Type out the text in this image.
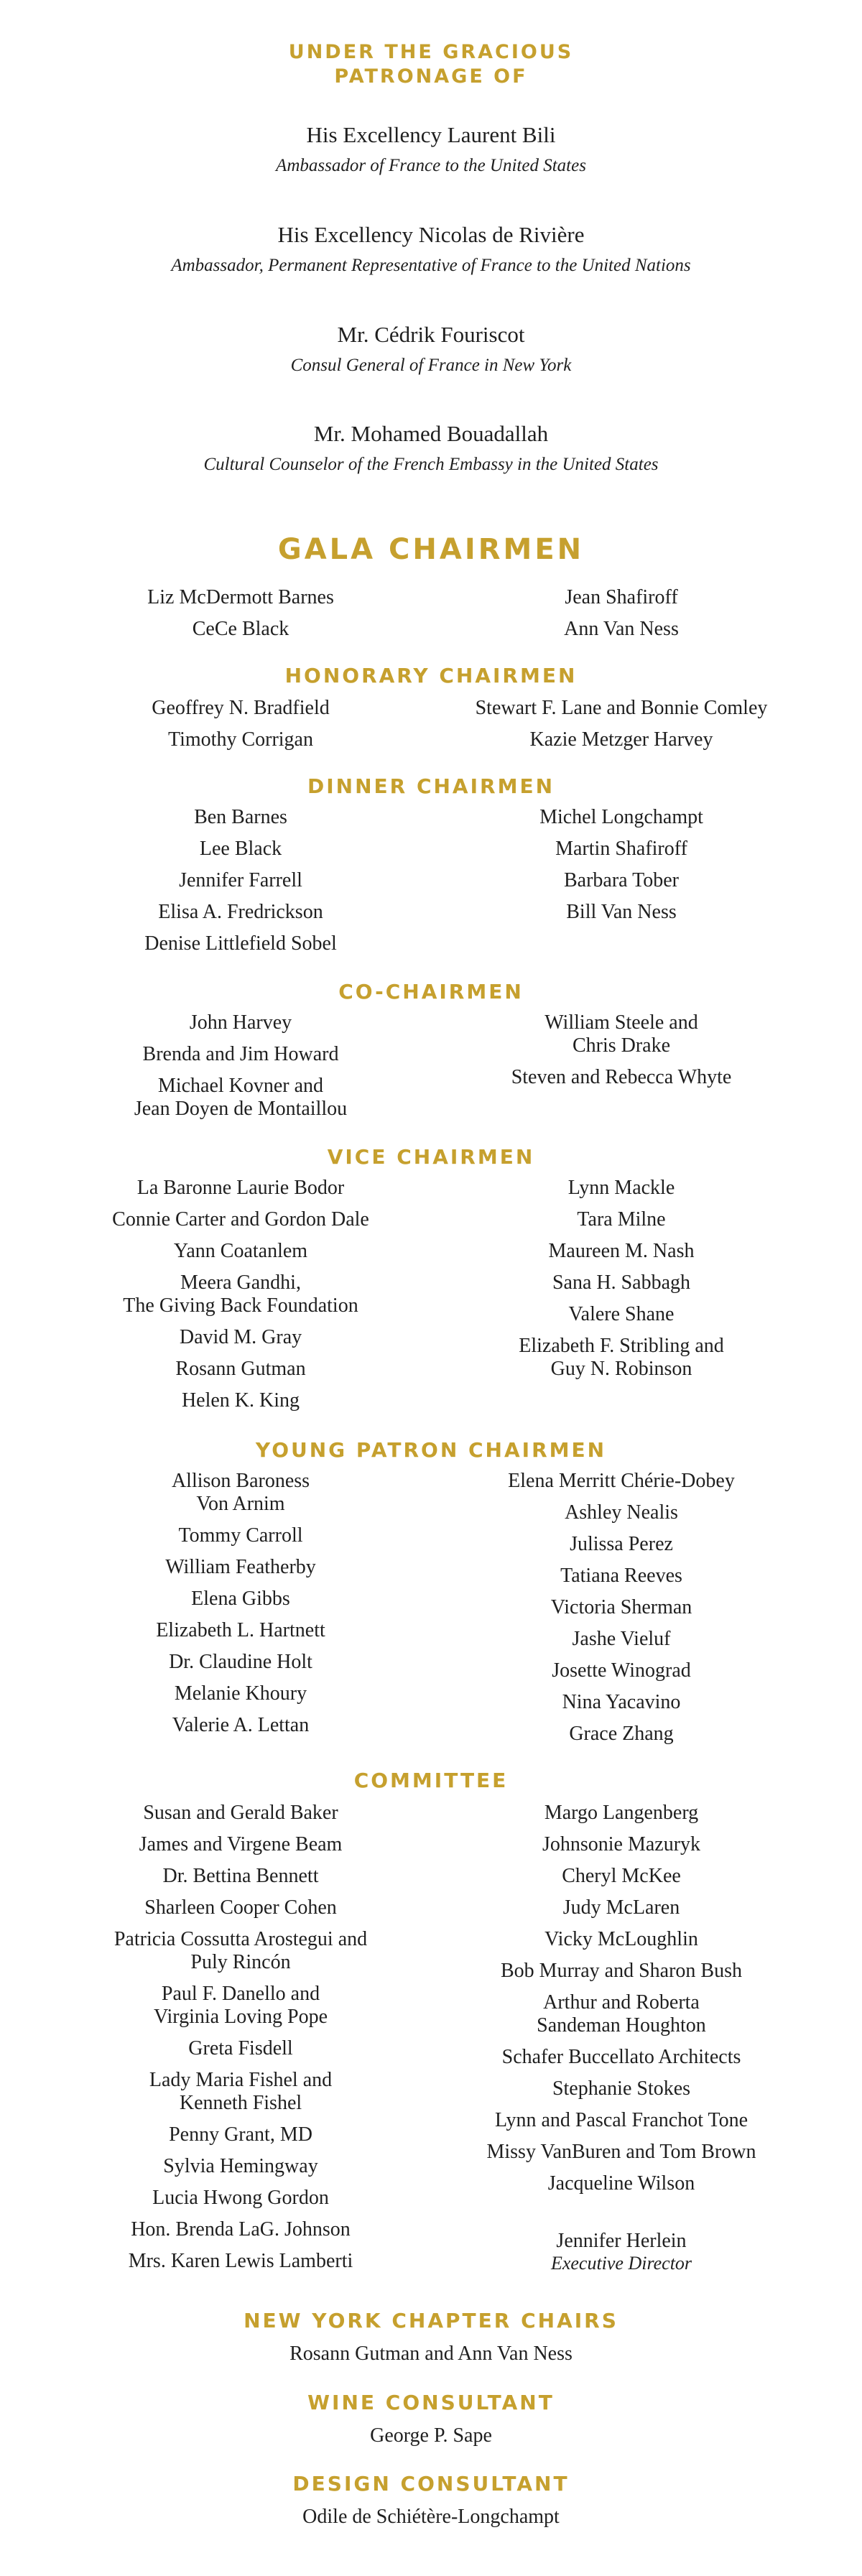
UNDER THE GRACIOUS
PATRONAGE OF
His Excellency Laurent Bili
Ambassador of France to the United States
His Excellency Nicolas de Rivière
Ambassador, Permanent Representative of France to the United Nations
Mr. Cédrik Fouriscot
Consul General of France in New York
Mr. Mohamed Bouadallah
Cultural Counselor of the French Embassy in the United States
GALA CHAIRMEN
Liz McDermott Barnes
CeCe Black
Jean Shafiroff
Ann Van Ness
HONORARY CHAIRMEN
Geoffrey N. Bradfield
Timothy Corrigan
Stewart F. Lane and Bonnie Comley
Kazie Metzger Harvey
DINNER CHAIRMEN
Ben Barnes
Lee Black
Jennifer Farrell
Elisa A. Fredrickson
Denise Littlefield Sobel
Michel Longchampt
Martin Shafiroff
Barbara Tober
Bill Van Ness
CO-CHAIRMEN
John Harvey
Brenda and Jim Howard
Michael Kovner and
Jean Doyen de Montaillou
William Steele and
Chris Drake
Steven and Rebecca Whyte
VICE CHAIRMEN
La Baronne Laurie Bodor
Connie Carter and Gordon Dale
Yann Coatanlem
Meera Gandhi,
The Giving Back Foundation
David M. Gray
Rosann Gutman
Helen K. King
Lynn Mackle
Tara Milne
Maureen M. Nash
Sana H. Sabbagh
Valere Shane
Elizabeth F. Stribling and
Guy N. Robinson
YOUNG PATRON CHAIRMEN
Allison Baroness
Von Arnim
Tommy Carroll
William Featherby
Elena Gibbs
Elizabeth L. Hartnett
Dr. Claudine Holt
Melanie Khoury
Valerie A. Lettan
Elena Merritt Chérie-Dobey
Ashley Nealis
Julissa Perez
Tatiana Reeves
Victoria Sherman
Jashe Vieluf
Josette Winograd
Nina Yacavino
Grace Zhang
COMMITTEE
Susan and Gerald Baker
James and Virgene Beam
Dr. Bettina Bennett
Sharleen Cooper Cohen
Patricia Cossutta Arostegui and
Puly Rincón
Paul F. Danello and
Virginia Loving Pope
Greta Fisdell
Lady Maria Fishel and
Kenneth Fishel
Penny Grant, MD
Sylvia Hemingway
Lucia Hwong Gordon
Hon. Brenda LaG. Johnson
Mrs. Karen Lewis Lamberti
Margo Langenberg
Johnsonie Mazuryk
Cheryl McKee
Judy McLaren
Vicky McLoughlin
Bob Murray and Sharon Bush
Arthur and Roberta
Sandeman Houghton
Schafer Buccellato Architects
Stephanie Stokes
Lynn and Pascal Franchot Tone
Missy VanBuren and Tom Brown
Jacqueline Wilson

Jennifer Herlein

Executive Director

NEW YORK CHAPTER CHAIRS
Rosann Gutman and Ann Van Ness
WINE CONSULTANT
George P. Sape
DESIGN CONSULTANT
Odile de Schiétère-Longchampt
